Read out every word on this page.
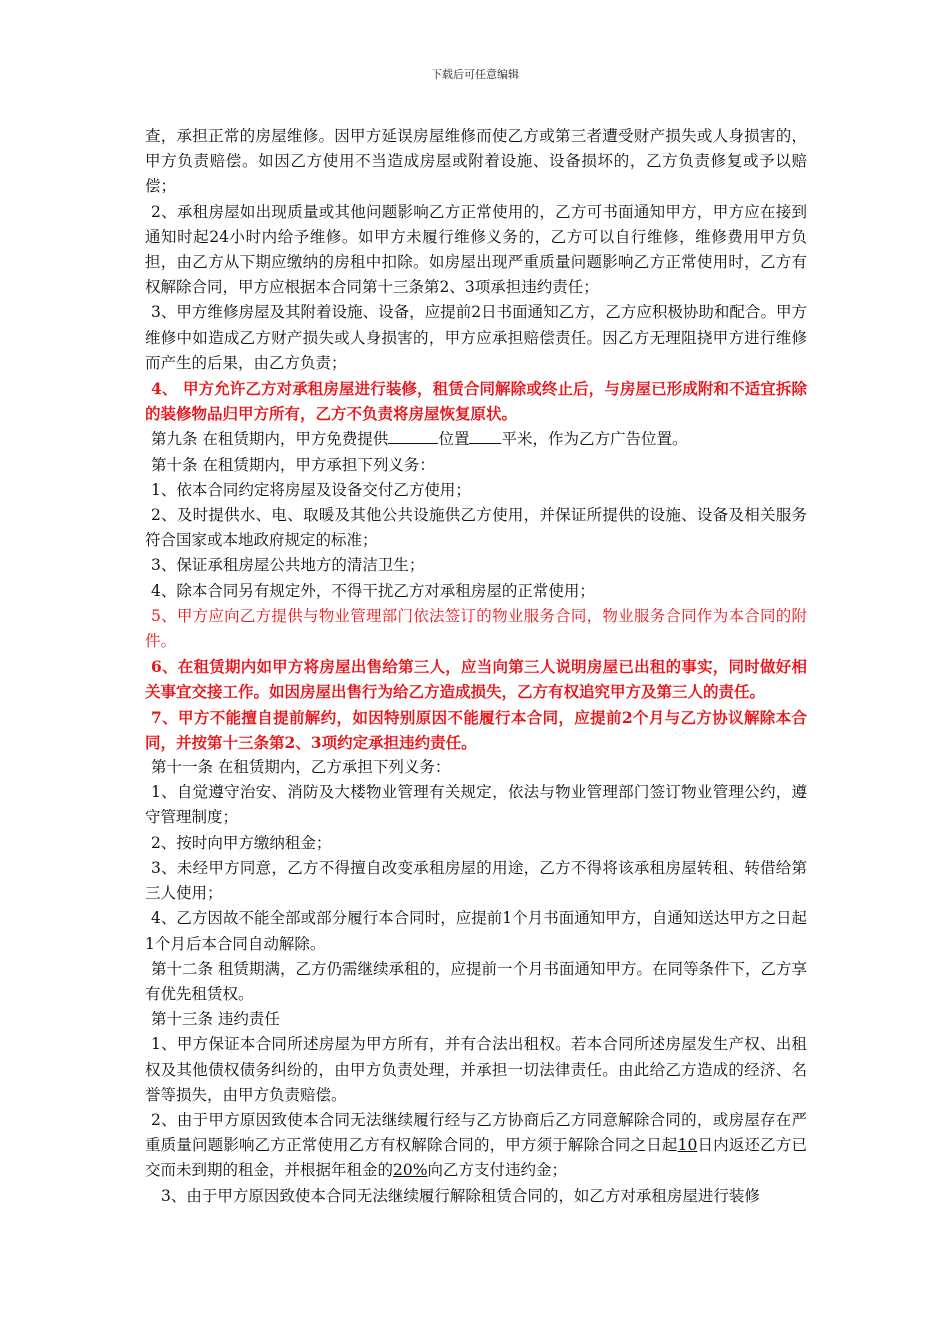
下载后可任意编辑

查，承担正常的房屋维修。因甲方延误房屋维修而使乙方或第三者遭受财产损失或人身损害的，甲方负责赔偿。如因乙方使用不当造成房屋或附着设施、设备损坏的，乙方负责修复或予以赔偿；

2、承租房屋如出现质量或其他问题影响乙方正常使用的，乙方可书面通知甲方，甲方应在接到通知时起24小时内给予维修。如甲方未履行维修义务的，乙方可以自行维修，维修费用甲方负担，由乙方从下期应缴纳的房租中扣除。如房屋出现严重质量问题影响乙方正常使用时，乙方有权解除合同，甲方应根据本合同第十三条第2、3项承担违约责任；

3、甲方维修房屋及其附着设施、设备，应提前2日书面通知乙方，乙方应积极协助和配合。甲方维修中如造成乙方财产损失或人身损害的，甲方应承担赔偿责任。因乙方无理阻挠甲方进行维修而产生的后果，由乙方负责；

4、 甲方允许乙方对承租房屋进行装修，租赁合同解除或终止后，与房屋已形成附和不适宜拆除的装修物品归甲方所有，乙方不负责将房屋恢复原状。

第九条 在租赁期内，甲方免费提供	位置 平米，作为乙方广告位置。

第十条 在租赁期内，甲方承担下列义务：

1、依本合同约定将房屋及设备交付乙方使用；

2、及时提供水、电、取暖及其他公共设施供乙方使用，并保证所提供的设施、设备及相关服务符合国家或本地政府规定的标准；

3、保证承租房屋公共地方的清洁卫生；

4、除本合同另有规定外，不得干扰乙方对承租房屋的正常使用；

5、甲方应向乙方提供与物业管理部门依法签订的物业服务合同，物业服务合同作为本合同的附件。

6、在租赁期内如甲方将房屋出售给第三人，应当向第三人说明房屋已出租的事实，同时做好相关事宜交接工作。如因房屋出售行为给乙方造成损失，乙方有权追究甲方及第三人的责任。

7、甲方不能擅自提前解约，如因特别原因不能履行本合同，应提前2个月与乙方协议解除本合同，并按第十三条第2、3项约定承担违约责任。

第十一条 在租赁期内，乙方承担下列义务：

1、自觉遵守治安、消防及大楼物业管理有关规定，依法与物业管理部门签订物业管理公约，遵守管理制度；

2、按时向甲方缴纳租金；

3、未经甲方同意，乙方不得擅自改变承租房屋的用途，乙方不得将该承租房屋转租、转借给第三人使用；

4、乙方因故不能全部或部分履行本合同时，应提前1个月书面通知甲方，自通知送达甲方之日起1个月后本合同自动解除。

第十二条 租赁期满，乙方仍需继续承租的，应提前一个月书面通知甲方。在同等条件下，乙方享有优先租赁权。

第十三条 违约责任

1、甲方保证本合同所述房屋为甲方所有，并有合法出租权。若本合同所述房屋发生产权、出租权及其他债权债务纠纷的，由甲方负责处理，并承担一切法律责任。由此给乙方造成的经济、名誉等损失，由甲方负责赔偿。

2、由于甲方原因致使本合同无法继续履行经与乙方协商后乙方同意解除合同的，或房屋存在严重质量问题影响乙方正常使用乙方有权解除合同的，甲方须于解除合同之日起10日内返还乙方已交而未到期的租金，并根据年租金的20%向乙方支付违约金；

3、由于甲方原因致使本合同无法继续履行解除租赁合同的，如乙方对承租房屋进行装修
